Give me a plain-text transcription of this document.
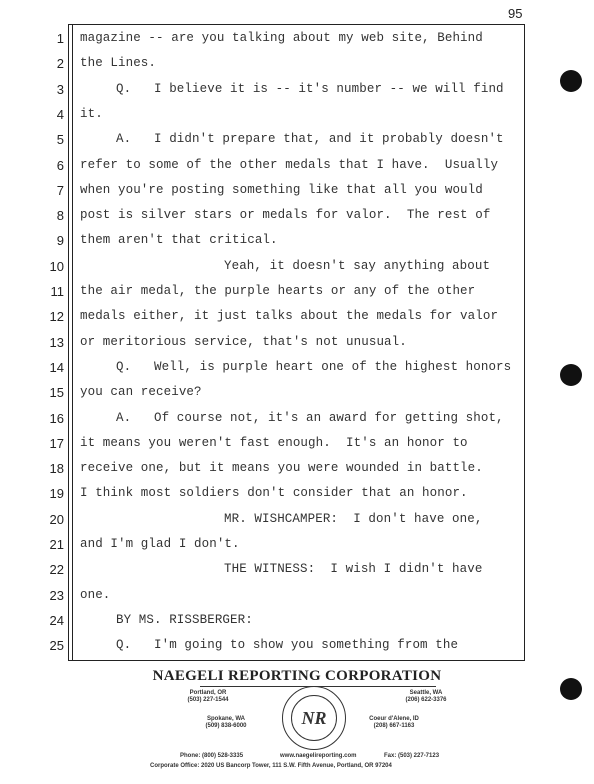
95
1 magazine -- are you talking about my web site, Behind
2 the Lines.
3	Q.   I believe it is -- it's number -- we will find
4 it.
5	A.   I didn't prepare that, and it probably doesn't
6 refer to some of the other medals that I have.  Usually
7 when you're posting something like that all you would
8 post is silver stars or medals for valor.  The rest of
9 them aren't that critical.
10	Yeah, it doesn't say anything about
11 the air medal, the purple hearts or any of the other
12 medals either, it just talks about the medals for valor
13 or meritorious service, that's not unusual.
14	Q.   Well, is purple heart one of the highest honors
15 you can receive?
16	A.   Of course not, it's an award for getting shot,
17 it means you weren't fast enough.  It's an honor to
18 receive one, but it means you were wounded in battle.
19 I think most soldiers don't consider that an honor.
20	MR. WISHCAMPER:  I don't have one,
21 and I'm glad I don't.
22	THE WITNESS:  I wish I didn't have
23 one.
24	BY MS. RISSBERGER:
25	Q.   I'm going to show you something from the
NAEGELI REPORTING CORPORATION
Portland, OR
(503) 227-1544
Seattle, WA
(206) 622-3376
Spokane, WA
(509) 838-6000
Coeur d'Alene, ID
(208) 667-1163
NR
Phone: (800) 528-3335	www.naegelireporting.com	Fax: (503) 227-7123
Corporate Office: 2020 US Bancorp Tower, 111 S.W. Fifth Avenue, Portland, OR 97204
